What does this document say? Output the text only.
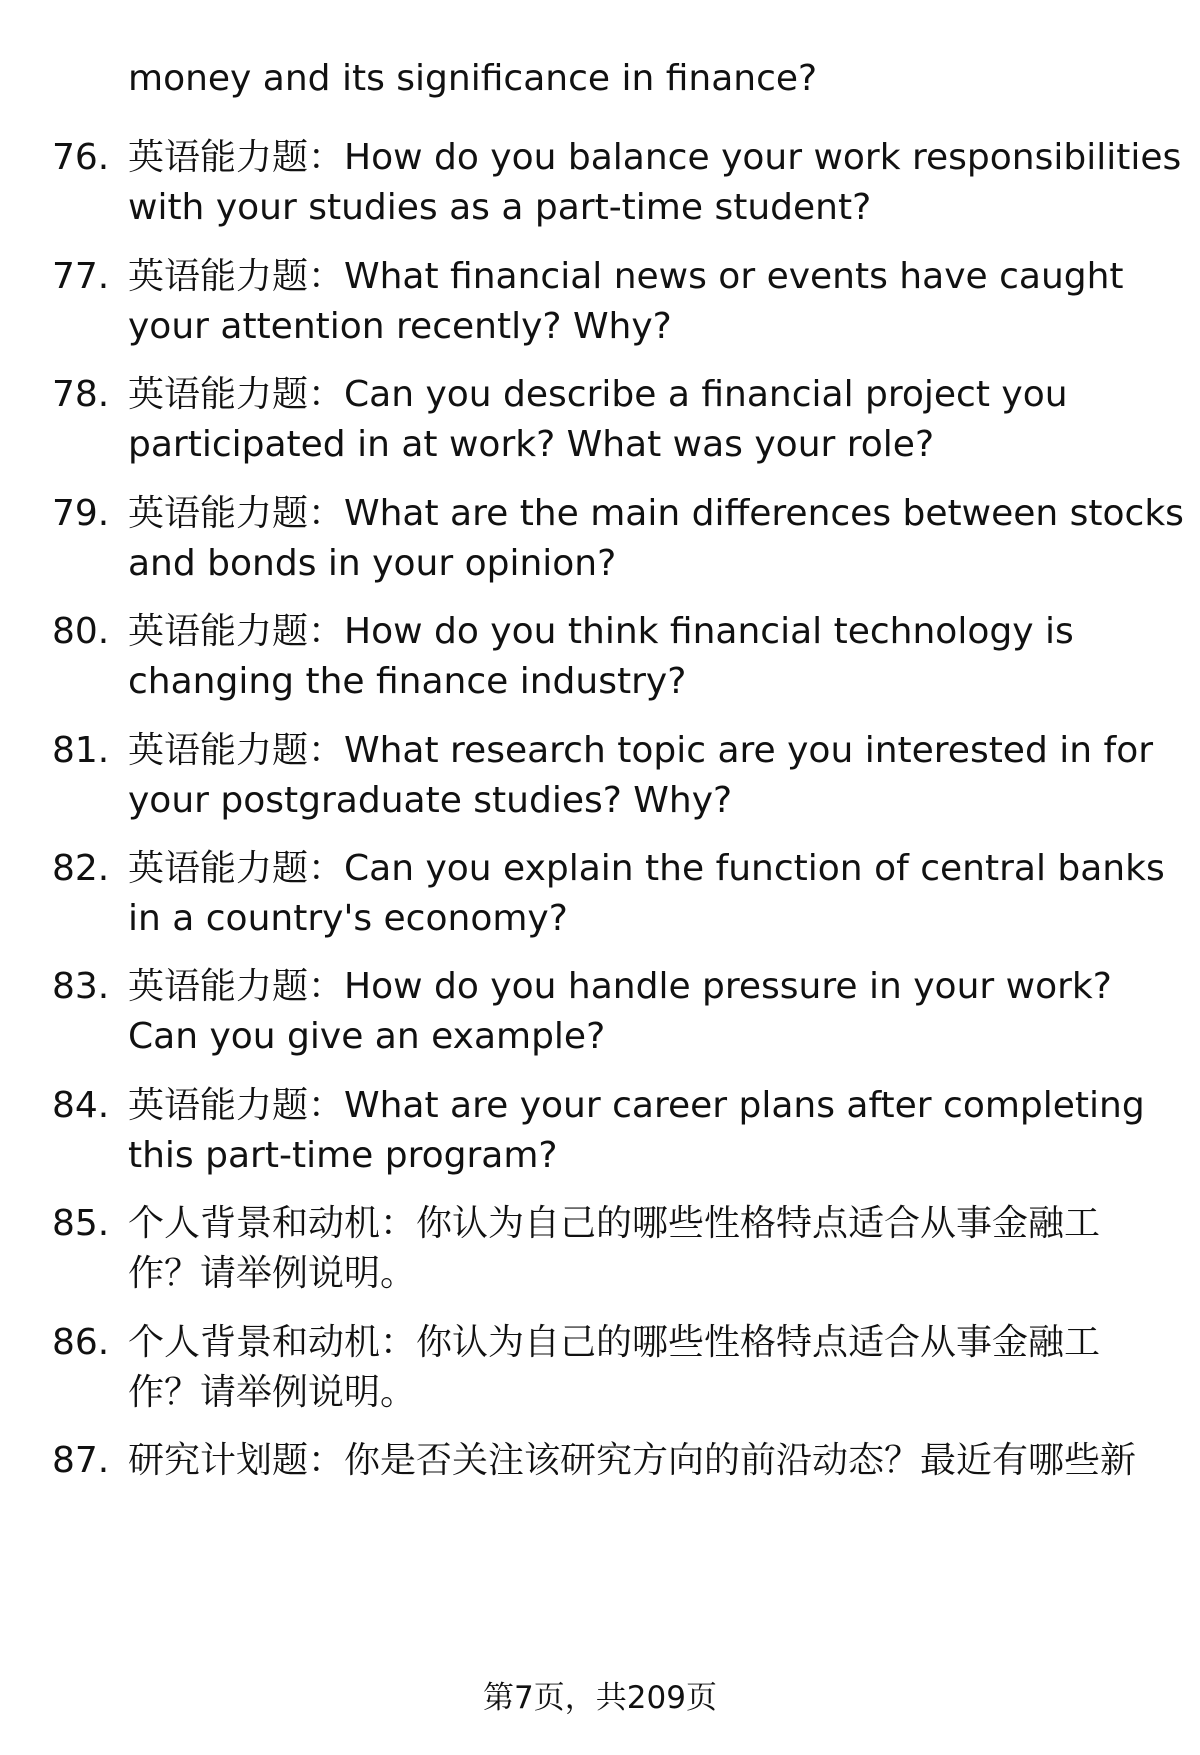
money and its significance in finance?
76. 英语能力题：How do you balance your work responsibilities
with your studies as a part-time student?
77. 英语能力题：What financial news or events have caught
your attention recently? Why?
78. 英语能力题：Can you describe a financial project you
participated in at work? What was your role?
79. 英语能力题：What are the main differences between stocks
and bonds in your opinion?
80. 英语能力题：How do you think financial technology is
changing the finance industry?
81. 英语能力题：What research topic are you interested in for
your postgraduate studies? Why?
82. 英语能力题：Can you explain the function of central banks
in a country's economy?
83. 英语能力题：How do you handle pressure in your work?
Can you give an example?
84. 英语能力题：What are your career plans after completing
this part-time program?
85. 个人背景和动机：你认为自己的哪些性格特点适合从事金融工
作？请举例说明。
86. 个人背景和动机：你认为自己的哪些性格特点适合从事金融工
作？请举例说明。
87. 研究计划题：你是否关注该研究方向的前沿动态？最近有哪些新
第7页，共209页
